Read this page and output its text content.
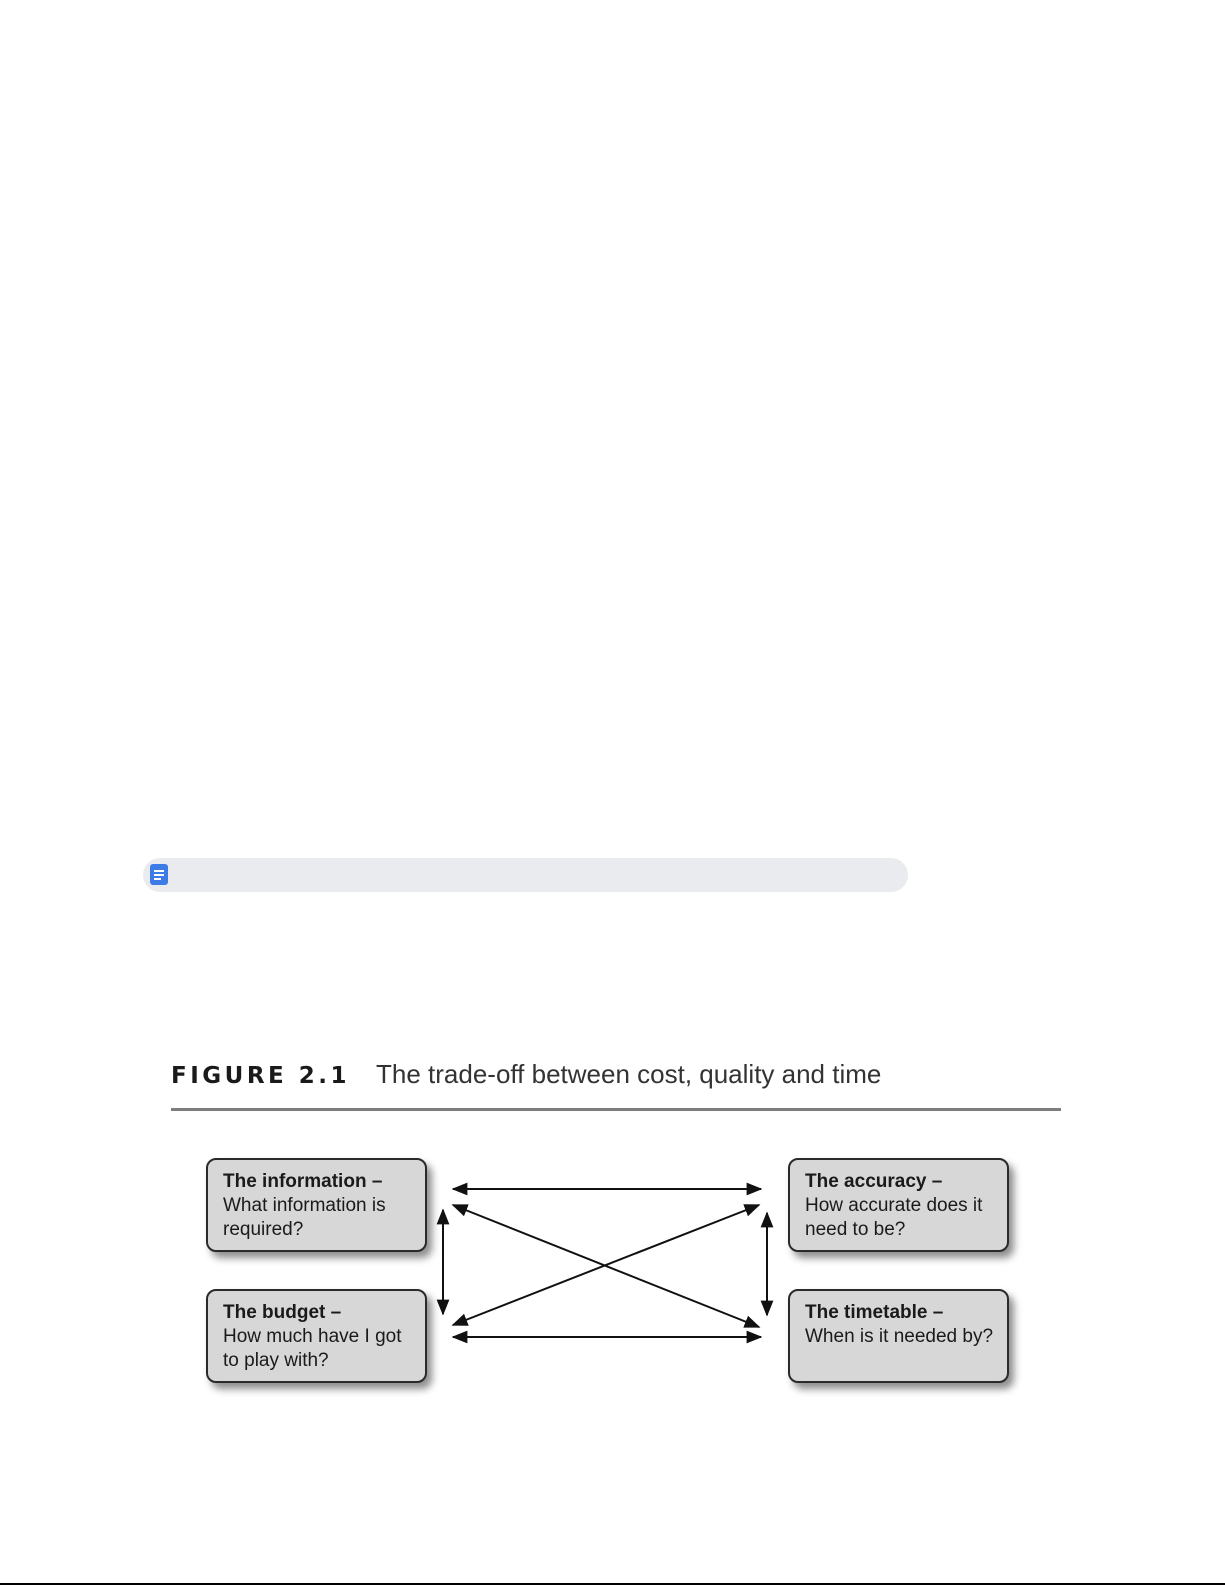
FIGURE 2.1 The trade-off between cost, quality and time
The information –
What information is required?
The accuracy –
How accurate does it need to be?
The budget –
How much have I got to play with?
The timetable –
When is it needed by?
